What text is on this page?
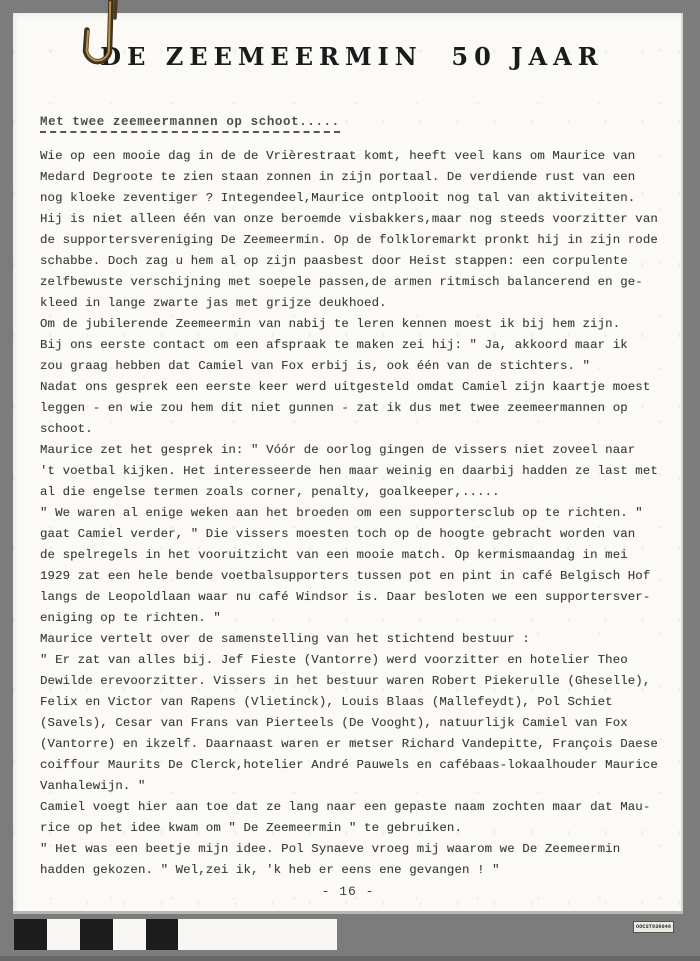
DE ZEEMEERMIN  50 JAAR
Met twee zeemeermannen op schoot.....
Wie op een mooie dag in de de Vrièrestraat komt, heeft veel kans om Maurice van
Medard Degroote te zien staan zonnen in zijn portaal. De verdiende rust van een
nog kloeke zeventiger ? Integendeel,Maurice ontplooit nog tal van aktiviteiten.
Hij is niet alleen één van onze beroemde visbakkers,maar nog steeds voorzitter van
de supportersvereniging De Zeemeermin. Op de folkloremarkt pronkt hij in zijn rode
schabbe. Doch zag u hem al op zijn paasbest door Heist stappen: een corpulente
zelfbewuste verschijning met soepele passen,de armen ritmisch balancerend en ge-
kleed in lange zwarte jas met grijze deukhoed.
Om de jubilerende Zeemeermin van nabij te leren kennen moest ik bij hem zijn.
Bij ons eerste contact om een afspraak te maken zei hij: " Ja, akkoord maar ik
zou graag hebben dat Camiel van Fox erbij is, ook één van de stichters. "
Nadat ons gesprek een eerste keer werd uitgesteld omdat Camiel zijn kaartje moest
leggen - en wie zou hem dit niet gunnen - zat ik dus met twee zeemeermannen op
schoot.
Maurice zet het gesprek in: " Vóór de oorlog gingen de vissers niet zoveel naar
't voetbal kijken. Het interesseerde hen maar weinig en daarbij hadden ze last met
al die engelse termen zoals corner, penalty, goalkeeper,.....
" We waren al enige weken aan het broeden om een supportersclub op te richten. "
gaat Camiel verder, " Die vissers moesten toch op de hoogte gebracht worden van
de spelregels in het vooruitzicht van een mooie match. Op kermismaandag in mei
1929 zat een hele bende voetbalsupporters tussen pot en pint in café Belgisch Hof
langs de Leopoldlaan waar nu café Windsor is. Daar besloten we een supportersver-
eniging op te richten. "
Maurice vertelt over de samenstelling van het stichtend bestuur :
" Er zat van alles bij. Jef Fieste (Vantorre) werd voorzitter en hotelier Theo
Dewilde erevoorzitter. Vissers in het bestuur waren Robert Piekerulle (Gheselle),
Felix en Victor van Rapens (Vlietinck), Louis Blaas (Mallefeydt), Pol Schiet
(Savels), Cesar van Frans van Pierteels (De Vooght), natuurlijk Camiel van Fox
(Vantorre) en ikzelf. Daarnaast waren er metser Richard Vandepitte, François Daese
coiffour Maurits De Clerck,hotelier André Pauwels en cafébaas-lokaalhouder Maurice
Vanhalewijn. "
Camiel voegt hier aan toe dat ze lang naar een gepaste naam zochten maar dat Mau-
rice op het idee kwam om " De Zeemeermin " te gebruiken.
" Het was een beetje mijn idee. Pol Synaeve vroeg mij waarom we De Zeemeermin
hadden gekozen. " Wel,zei ik, 'k heb er eens ene gevangen ! "
- 16 -
OOCST930046
